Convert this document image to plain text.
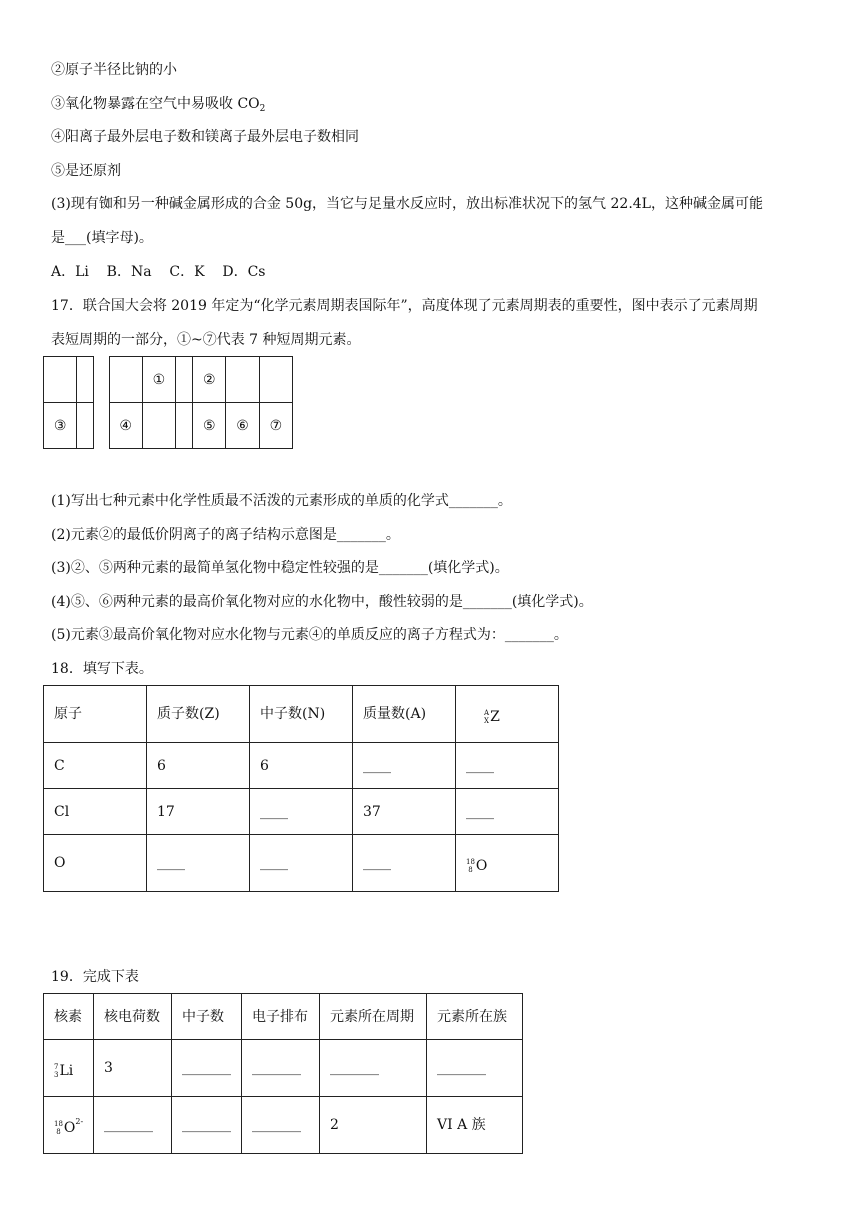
②原子半径比钠的小
③氧化物暴露在空气中易吸收 $CO_2$
④阳离子最外层电子数和镁离子最外层电子数相同
⑤是还原剂
(3)现有铷和另一种碱金属形成的合金 50g，当它与足量水反应时，放出标准状况下的氢气 22.4L，这种碱金属可能
是___(填字母)。
A．Li    B．Na    C．K    D．Cs
17．联合国大会将 2019 年定为“化学元素周期表国际年”，高度体现了元素周期表的重要性，图中表示了元素周期
表短周期的一部分，①~⑦代表 7 种短周期元素。
				①		②		
③			④			⑤	⑥	⑦
(1)写出七种元素中化学性质最不活泼的元素形成的单质的化学式_______。
(2)元素②的最低价阴离子的离子结构示意图是_______。
(3)②、⑤两种元素的最简单氢化物中稳定性较强的是_______(填化学式)。
(4)⑤、⑥两种元素的最高价氧化物对应的水化物中，酸性较弱的是_______(填化学式)。
(5)元素③最高价氧化物对应水化物与元素④的单质反应的离子方程式为：_______。
18．填写下表。
原子	质子数(Z)	中子数(N)	质量数(A)	A
X Z

C	6	6	____	____
Cl	17	____	37	____
O	____	____	____	18
8 O
19．完成下表
核素	核电荷数	中子数	电子排布	元素所在周期	元素所在族

7
3 Li	3	_______	_______	_______	_______

18
8 O 2-	_______	_______	_______	2	VI A 族
